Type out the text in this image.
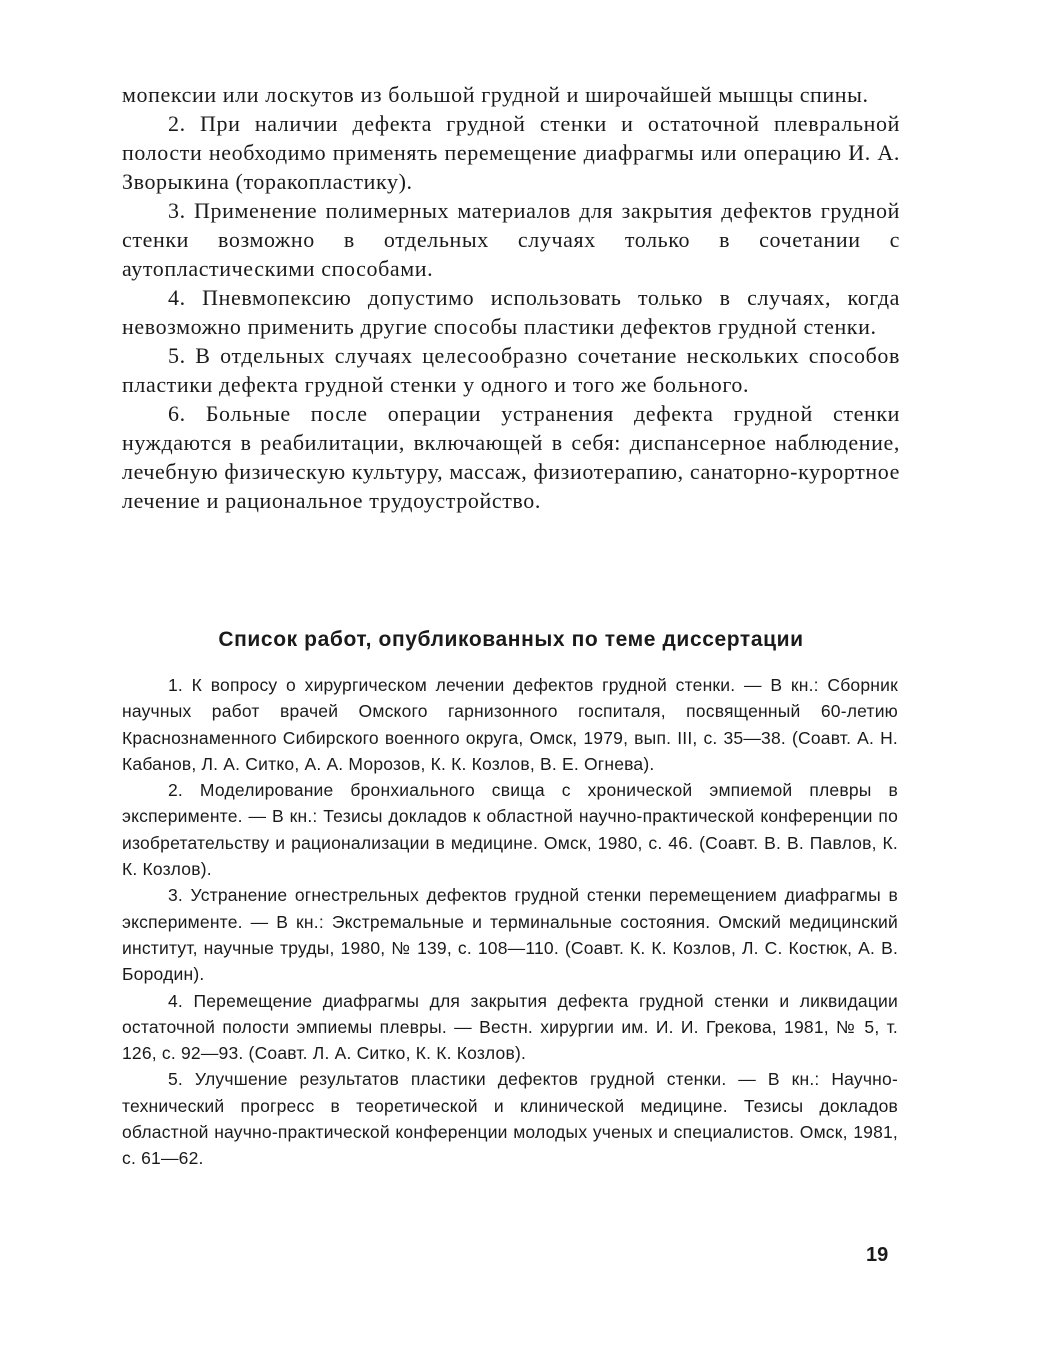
мопексии или лоскутов из большой грудной и широчайшей мышцы спины.

2. При наличии дефекта грудной стенки и остаточной плевральной полости необходимо применять перемещение диафрагмы или операцию И. А. Зворыкина (торакопластику).

3. Применение полимерных материалов для закрытия дефектов грудной стенки возможно в отдельных случаях только в сочетании с аутопластическими способами.

4. Пневмопексию допустимо использовать только в случаях, когда невозможно применить другие способы пластики дефектов грудной стенки.

5. В отдельных случаях целесообразно сочетание нескольких способов пластики дефекта грудной стенки у одного и того же больного.

6. Больные после операции устранения дефекта грудной стенки нуждаются в реабилитации, включающей в себя: диспансерное наблюдение, лечебную физическую культуру, массаж, физиотерапию, санаторно-курортное лечение и рациональное трудоустройство.

Список работ, опубликованных по теме диссертации

1. К вопросу о хирургическом лечении дефектов грудной стенки. — В кн.: Сборник научных работ врачей Омского гарнизонного госпиталя, посвященный 60-летию Краснознаменного Сибирского военного округа, Омск, 1979, вып. III, с. 35—38. (Соавт. А. Н. Кабанов, Л. А. Ситко, А. А. Морозов, К. К. Козлов, В. Е. Огнева).

2. Моделирование бронхиального свища с хронической эмпиемой плевры в эксперименте. — В кн.: Тезисы докладов к областной научно-практической конференции по изобретательству и рационализации в медицине. Омск, 1980, с. 46. (Соавт. В. В. Павлов, К. К. Козлов).

3. Устранение огнестрельных дефектов грудной стенки перемещением диафрагмы в эксперименте. — В кн.: Экстремальные и терминальные состояния. Омский медицинский институт, научные труды, 1980, № 139, с. 108—110. (Соавт. К. К. Козлов, Л. С. Костюк, А. В. Бородин).

4. Перемещение диафрагмы для закрытия дефекта грудной стенки и ликвидации остаточной полости эмпиемы плевры. — Вестн. хирургии им. И. И. Грекова, 1981, № 5, т. 126, с. 92—93. (Соавт. Л. А. Ситко, К. К. Козлов).

5. Улучшение результатов пластики дефектов грудной стенки. — В кн.: Научно-технический прогресс в теоретической и клинической медицине. Тезисы докладов областной научно-практической конференции молодых ученых и специалистов. Омск, 1981, с. 61—62.

19
